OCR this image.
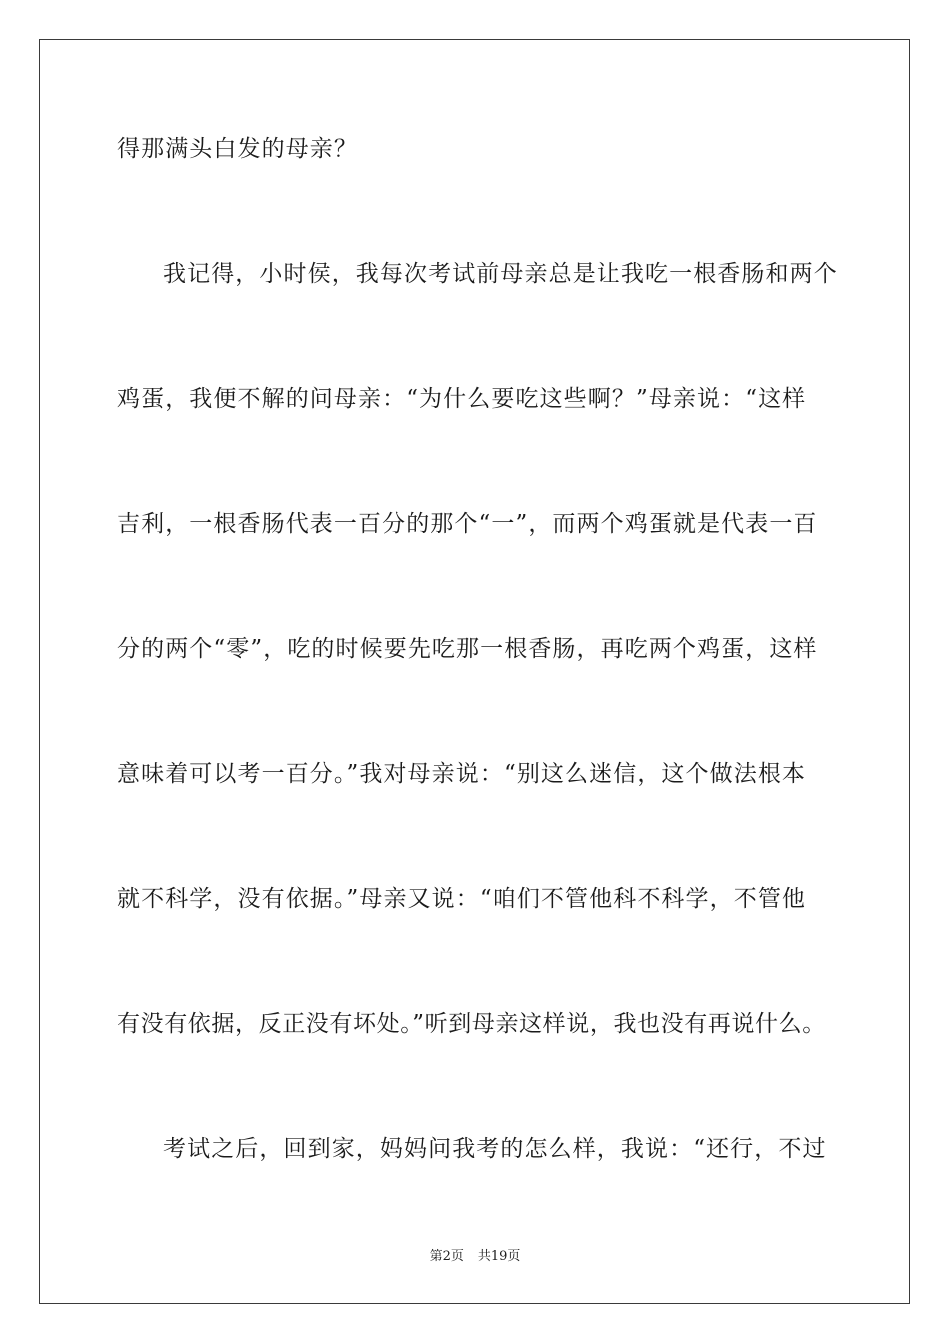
得那满头白发的母亲？

我记得，小时侯，我每次考试前母亲总是让我吃一根香肠和两个

鸡蛋，我便不解的问母亲：“为什么要吃这些啊？”母亲说：“这样

吉利，一根香肠代表一百分的那个“一”，而两个鸡蛋就是代表一百

分的两个“零”，吃的时候要先吃那一根香肠，再吃两个鸡蛋，这样

意味着可以考一百分。”我对母亲说：“别这么迷信，这个做法根本

就不科学，没有依据。”母亲又说：“咱们不管他科不科学，不管他

有没有依据，反正没有坏处。”听到母亲这样说，我也没有再说什么。

考试之后，回到家，妈妈问我考的怎么样，我说：“还行，不过

第2页 共19页
